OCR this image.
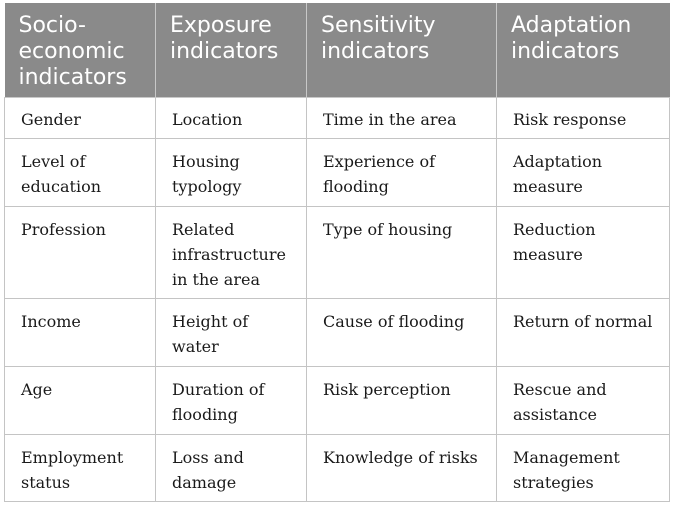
Socio-economic indicators	Exposure indicators	Sensitivity indicators	Adaptation indicators
Gender	Location	Time in the area	Risk response
Level of education	Housing typology	Experience of flooding	Adaptation measure
Profession	Related infrastructure in the area	Type of housing	Reduction measure
Income	Height of water	Cause of flooding	Return of normal
Age	Duration of flooding	Risk perception	Rescue and assistance
Employment status	Loss and damage	Knowledge of risks	Management strategies
